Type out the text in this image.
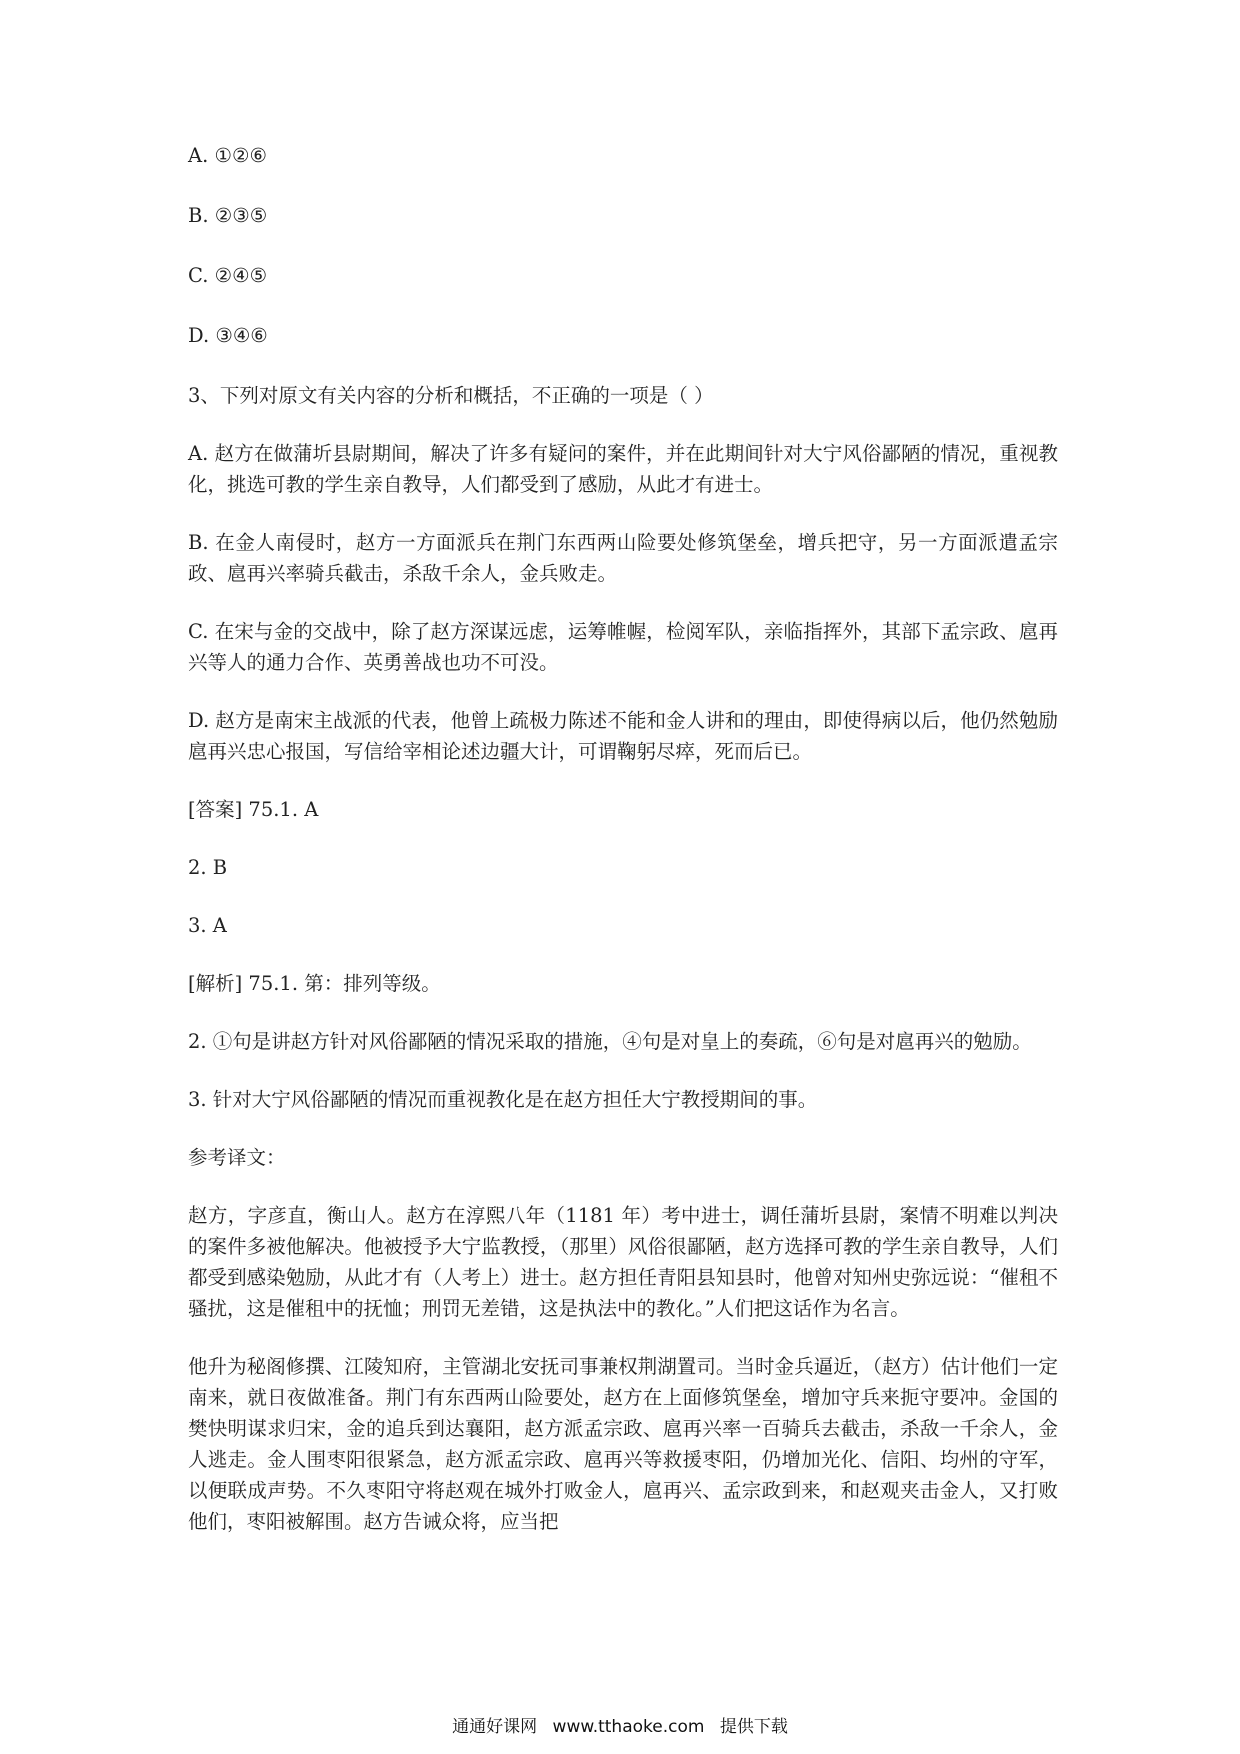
A. ①②⑥

B. ②③⑤

C. ②④⑤

D. ③④⑥

3、下列对原文有关内容的分析和概括，不正确的一项是（ ）

A. 赵方在做蒲圻县尉期间，解决了许多有疑问的案件，并在此期间针对大宁风俗鄙陋的情况，重视教化，挑选可教的学生亲自教导，人们都受到了感励，从此才有进士。

B. 在金人南侵时，赵方一方面派兵在荆门东西两山险要处修筑堡垒，增兵把守，另一方面派遣孟宗政、扈再兴率骑兵截击，杀敌千余人，金兵败走。

C. 在宋与金的交战中，除了赵方深谋远虑，运筹帷幄，检阅军队，亲临指挥外，其部下孟宗政、扈再兴等人的通力合作、英勇善战也功不可没。

D. 赵方是南宋主战派的代表，他曾上疏极力陈述不能和金人讲和的理由，即使得病以后，他仍然勉励扈再兴忠心报国，写信给宰相论述边疆大计，可谓鞠躬尽瘁，死而后已。

[答案] 75.1. A

2. B

3. A

[解析] 75.1. 第：排列等级。

2. ①句是讲赵方针对风俗鄙陋的情况采取的措施，④句是对皇上的奏疏，⑥句是对扈再兴的勉励。

3. 针对大宁风俗鄙陋的情况而重视教化是在赵方担任大宁教授期间的事。

参考译文：

赵方，字彦直，衡山人。赵方在淳熙八年（1181 年）考中进士，调任蒲圻县尉，案情不明难以判决的案件多被他解决。他被授予大宁监教授，（那里）风俗很鄙陋，赵方选择可教的学生亲自教导，人们都受到感染勉励，从此才有（人考上）进士。赵方担任青阳县知县时，他曾对知州史弥远说：“催租不骚扰，这是催租中的抚恤；刑罚无差错，这是执法中的教化。”人们把这话作为名言。

他升为秘阁修撰、江陵知府，主管湖北安抚司事兼权荆湖置司。当时金兵逼近，（赵方）估计他们一定南来，就日夜做准备。荆门有东西两山险要处，赵方在上面修筑堡垒，增加守兵来扼守要冲。金国的樊快明谋求归宋，金的追兵到达襄阳，赵方派孟宗政、扈再兴率一百骑兵去截击，杀敌一千余人，金人逃走。金人围枣阳很紧急，赵方派孟宗政、扈再兴等救援枣阳，仍增加光化、信阳、均州的守军，以便联成声势。不久枣阳守将赵观在城外打败金人，扈再兴、孟宗政到来，和赵观夹击金人，又打败他们，枣阳被解围。赵方告诫众将，应当把

通通好课网 www.tthaoke.com 提供下载
